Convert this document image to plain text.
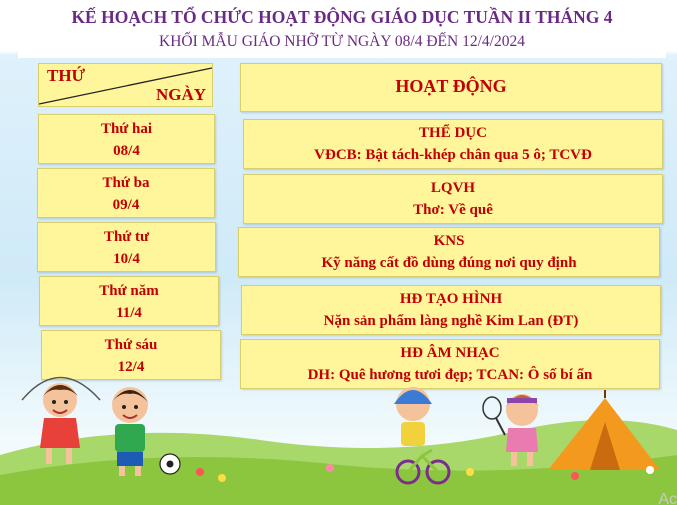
KẾ HOẠCH TỔ CHỨC HOẠT ĐỘNG GIÁO DỤC TUẦN II THÁNG 4
KHỐI MẪU GIÁO NHỠ TỪ NGÀY 08/4 ĐẾN 12/4/2024
THỨ
NGÀY	HOẠT ĐỘNG
Thứ hai
08/4
Thứ ba
09/4
Thứ tư
10/4
Thứ năm
11/4
Thứ sáu
12/4
THỂ DỤC
VĐCB: Bật tách-khép chân qua 5 ô; TCVĐ
LQVH
Thơ: Về quê
KNS
Kỹ năng cất đồ dùng đúng nơi quy định
HĐ TẠO HÌNH
Nặn sản phẩm làng nghề Kim Lan (ĐT)
HĐ ÂM NHẠC
DH: Quê hương tươi đẹp; TCAN: Ô số bí ẩn
Ac
